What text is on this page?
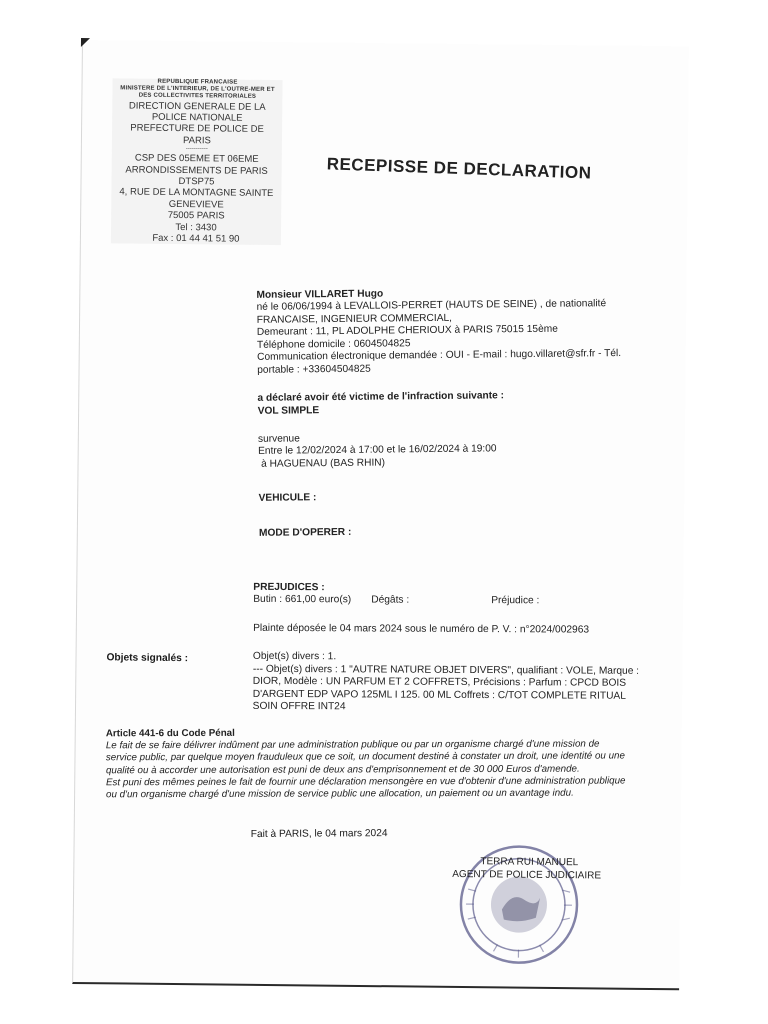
REPUBLIQUE FRANCAISE
MINISTERE DE L'INTERIEUR, DE L'OUTRE-MER ET
DES COLLECTIVITES TERRITORIALES
DIRECTION GENERALE DE LA
POLICE NATIONALE
PREFECTURE DE POLICE DE
PARIS
-----------
CSP DES 05EME ET 06EME
ARRONDISSEMENTS DE PARIS
DTSP75
4, RUE DE LA MONTAGNE SAINTE
GENEVIEVE
75005 PARIS
Tel : 3430
Fax : 01 44 41 51 90
RECEPISSE DE DECLARATION
Monsieur VILLARET Hugo
né le 06/06/1994 à LEVALLOIS-PERRET (HAUTS DE SEINE) , de nationalité
FRANCAISE, INGENIEUR COMMERCIAL,
Demeurant : 11, PL ADOLPHE CHERIOUX à PARIS 75015 15ème
Téléphone domicile : 0604504825
Communication électronique demandée : OUI - E-mail : hugo.villaret@sfr.fr - Tél.
portable : +33604504825
a déclaré avoir été victime de l'infraction suivante :
VOL SIMPLE
survenue
Entre le 12/02/2024 à 17:00 et le 16/02/2024 à 19:00
à HAGUENAU (BAS RHIN)
VEHICULE :
MODE D'OPERER :
PREJUDICES :
Butin : 661,00 euro(s) Dégâts :	Préjudice :
Plainte déposée le 04 mars 2024 sous le numéro de P. V. : n°2024/002963
Objet(s) divers : 1.
--- Objet(s) divers : 1 "AUTRE NATURE OBJET DIVERS", qualifiant : VOLE, Marque :
DIOR, Modèle : UN PARFUM ET 2 COFFRETS, Précisions : Parfum : CPCD BOIS
D'ARGENT EDP VAPO 125ML I 125. 00 ML Coffrets : C/TOT COMPLETE RITUAL
SOIN OFFRE INT24
Objets signalés :
Article 441-6 du Code Pénal
Le fait de se faire délivrer indûment par une administration publique ou par un organisme chargé d'une mission de
service public, par quelque moyen frauduleux que ce soit, un document destiné à constater un droit, une identité ou une
qualité ou à accorder une autorisation est puni de deux ans d'emprisonnement et de 30 000 Euros d'amende.
Est puni des mêmes peines le fait de fournir une déclaration mensongère en vue d'obtenir d'une administration publique
ou d'un organisme chargé d'une mission de service public une allocation, un paiement ou un avantage indu.
Fait à PARIS, le 04 mars 2024
TERRA RUI MANUEL
AGENT DE POLICE JUDICIAIRE
